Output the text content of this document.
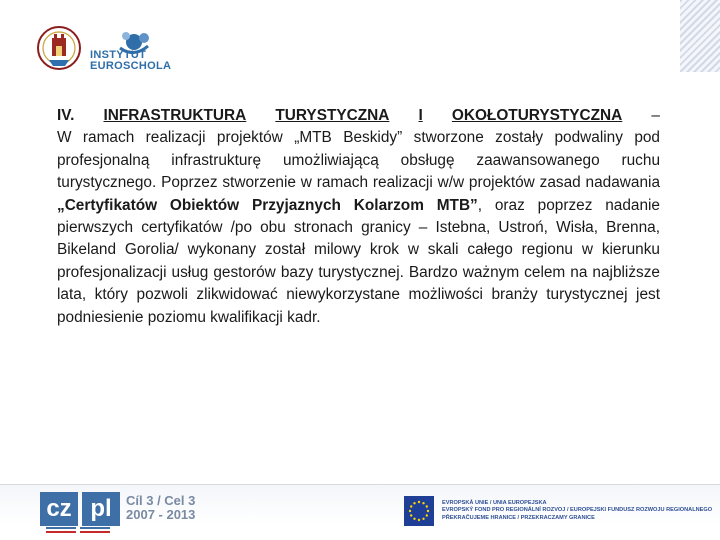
INSTYTUT
EUROSCHOLA
IV. INFRASTRUKTURA TURYSTYCZNA I OKOŁOTURYSTYCZNA –
W ramach realizacji projektów „MTB Beskidy” stworzone zostały podwaliny pod profesjonalną infrastrukturę umożliwiającą obsługę zaawansowanego ruchu turystycznego. Poprzez stworzenie w ramach realizacji w/w projektów zasad nadawania „Certyfikatów Obiektów Przyjaznych Kolarzom MTB”, oraz poprzez nadanie pierwszych certyfikatów /po obu stronach granicy – Istebna, Ustroń, Wisła, Brenna, Bikeland Gorolia/ wykonany został milowy krok w skali całego regionu w kierunku profesjonalizacji usług gestorów bazy turystycznej. Bardzo ważnym celem na najbliższe lata, który pozwoli zlikwidować niewykorzystane możliwości branży turystycznej jest podniesienie poziomu kwalifikacji kadr.
cz pl	Cíl 3 / Cel 3
2007 - 2013
EVROPSKÁ UNIE / UNIA EUROPEJSKA
EVROPSKÝ FOND PRO REGIONÁLNÍ ROZVOJ / EUROPEJSKI FUNDUSZ ROZWOJU REGIONALNEGO
PŘEKRAČUJEME HRANICE / PRZEKRACZAMY GRANICE
